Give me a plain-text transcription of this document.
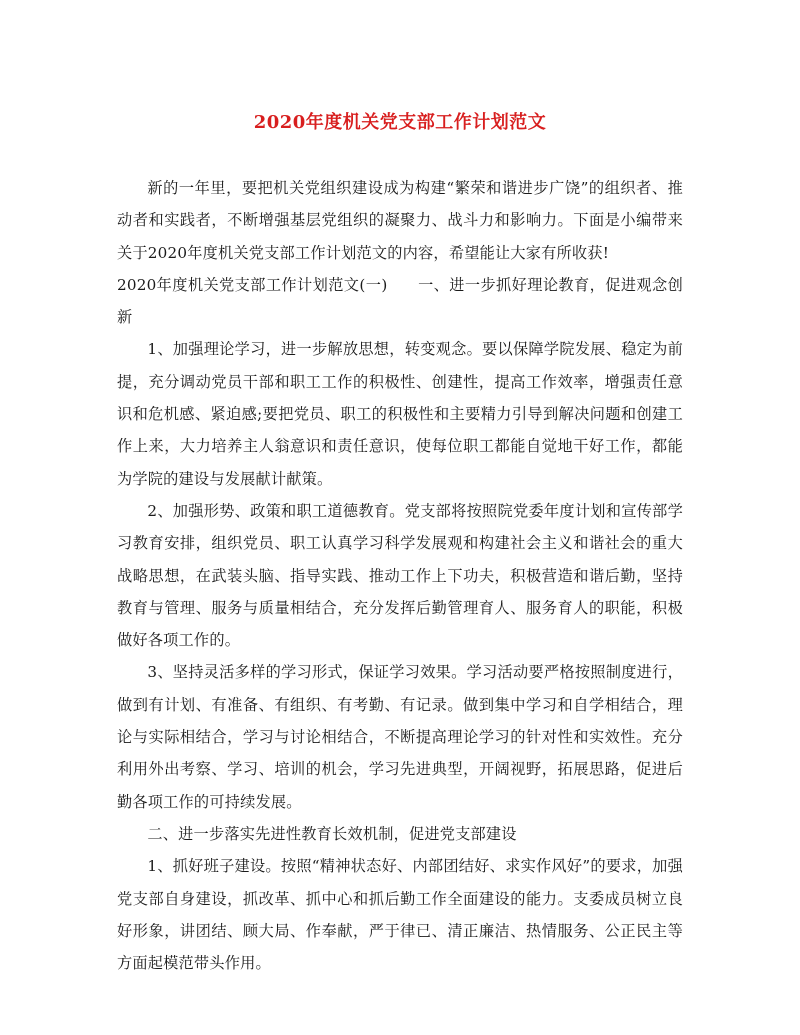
2020年度机关党支部工作计划范文

新的一年里，要把机关党组织建设成为构建“繁荣和谐进步广饶”的组织者、推动者和实践者，不断增强基层党组织的凝聚力、战斗力和影响力。下面是小编带来关于2020年度机关党支部工作计划范文的内容，希望能让大家有所收获!
2020年度机关党支部工作计划范文(一) 一、进一步抓好理论教育，促进观念创新

1、加强理论学习，进一步解放思想，转变观念。要以保障学院发展、稳定为前提，充分调动党员干部和职工工作的积极性、创建性，提高工作效率，增强责任意识和危机感、紧迫感;要把党员、职工的积极性和主要精力引导到解决问题和创建工作上来，大力培养主人翁意识和责任意识，使每位职工都能自觉地干好工作，都能为学院的建设与发展献计献策。

2、加强形势、政策和职工道德教育。党支部将按照院党委年度计划和宣传部学习教育安排，组织党员、职工认真学习科学发展观和构建社会主义和谐社会的重大战略思想，在武装头脑、指导实践、推动工作上下功夫，积极营造和谐后勤，坚持教育与管理、服务与质量相结合，充分发挥后勤管理育人、服务育人的职能，积极做好各项工作的。

3、坚持灵活多样的学习形式，保证学习效果。学习活动要严格按照制度进行，做到有计划、有准备、有组织、有考勤、有记录。做到集中学习和自学相结合，理论与实际相结合，学习与讨论相结合，不断提高理论学习的针对性和实效性。充分利用外出考察、学习、培训的机会，学习先进典型，开阔视野，拓展思路，促进后勤各项工作的可持续发展。

二、进一步落实先进性教育长效机制，促进党支部建设

1、抓好班子建设。按照“精神状态好、内部团结好、求实作风好”的要求，加强党支部自身建设，抓改革、抓中心和抓后勤工作全面建设的能力。支委成员树立良好形象，讲团结、顾大局、作奉献，严于律已、清正廉洁、热情服务、公正民主等方面起模范带头作用。
